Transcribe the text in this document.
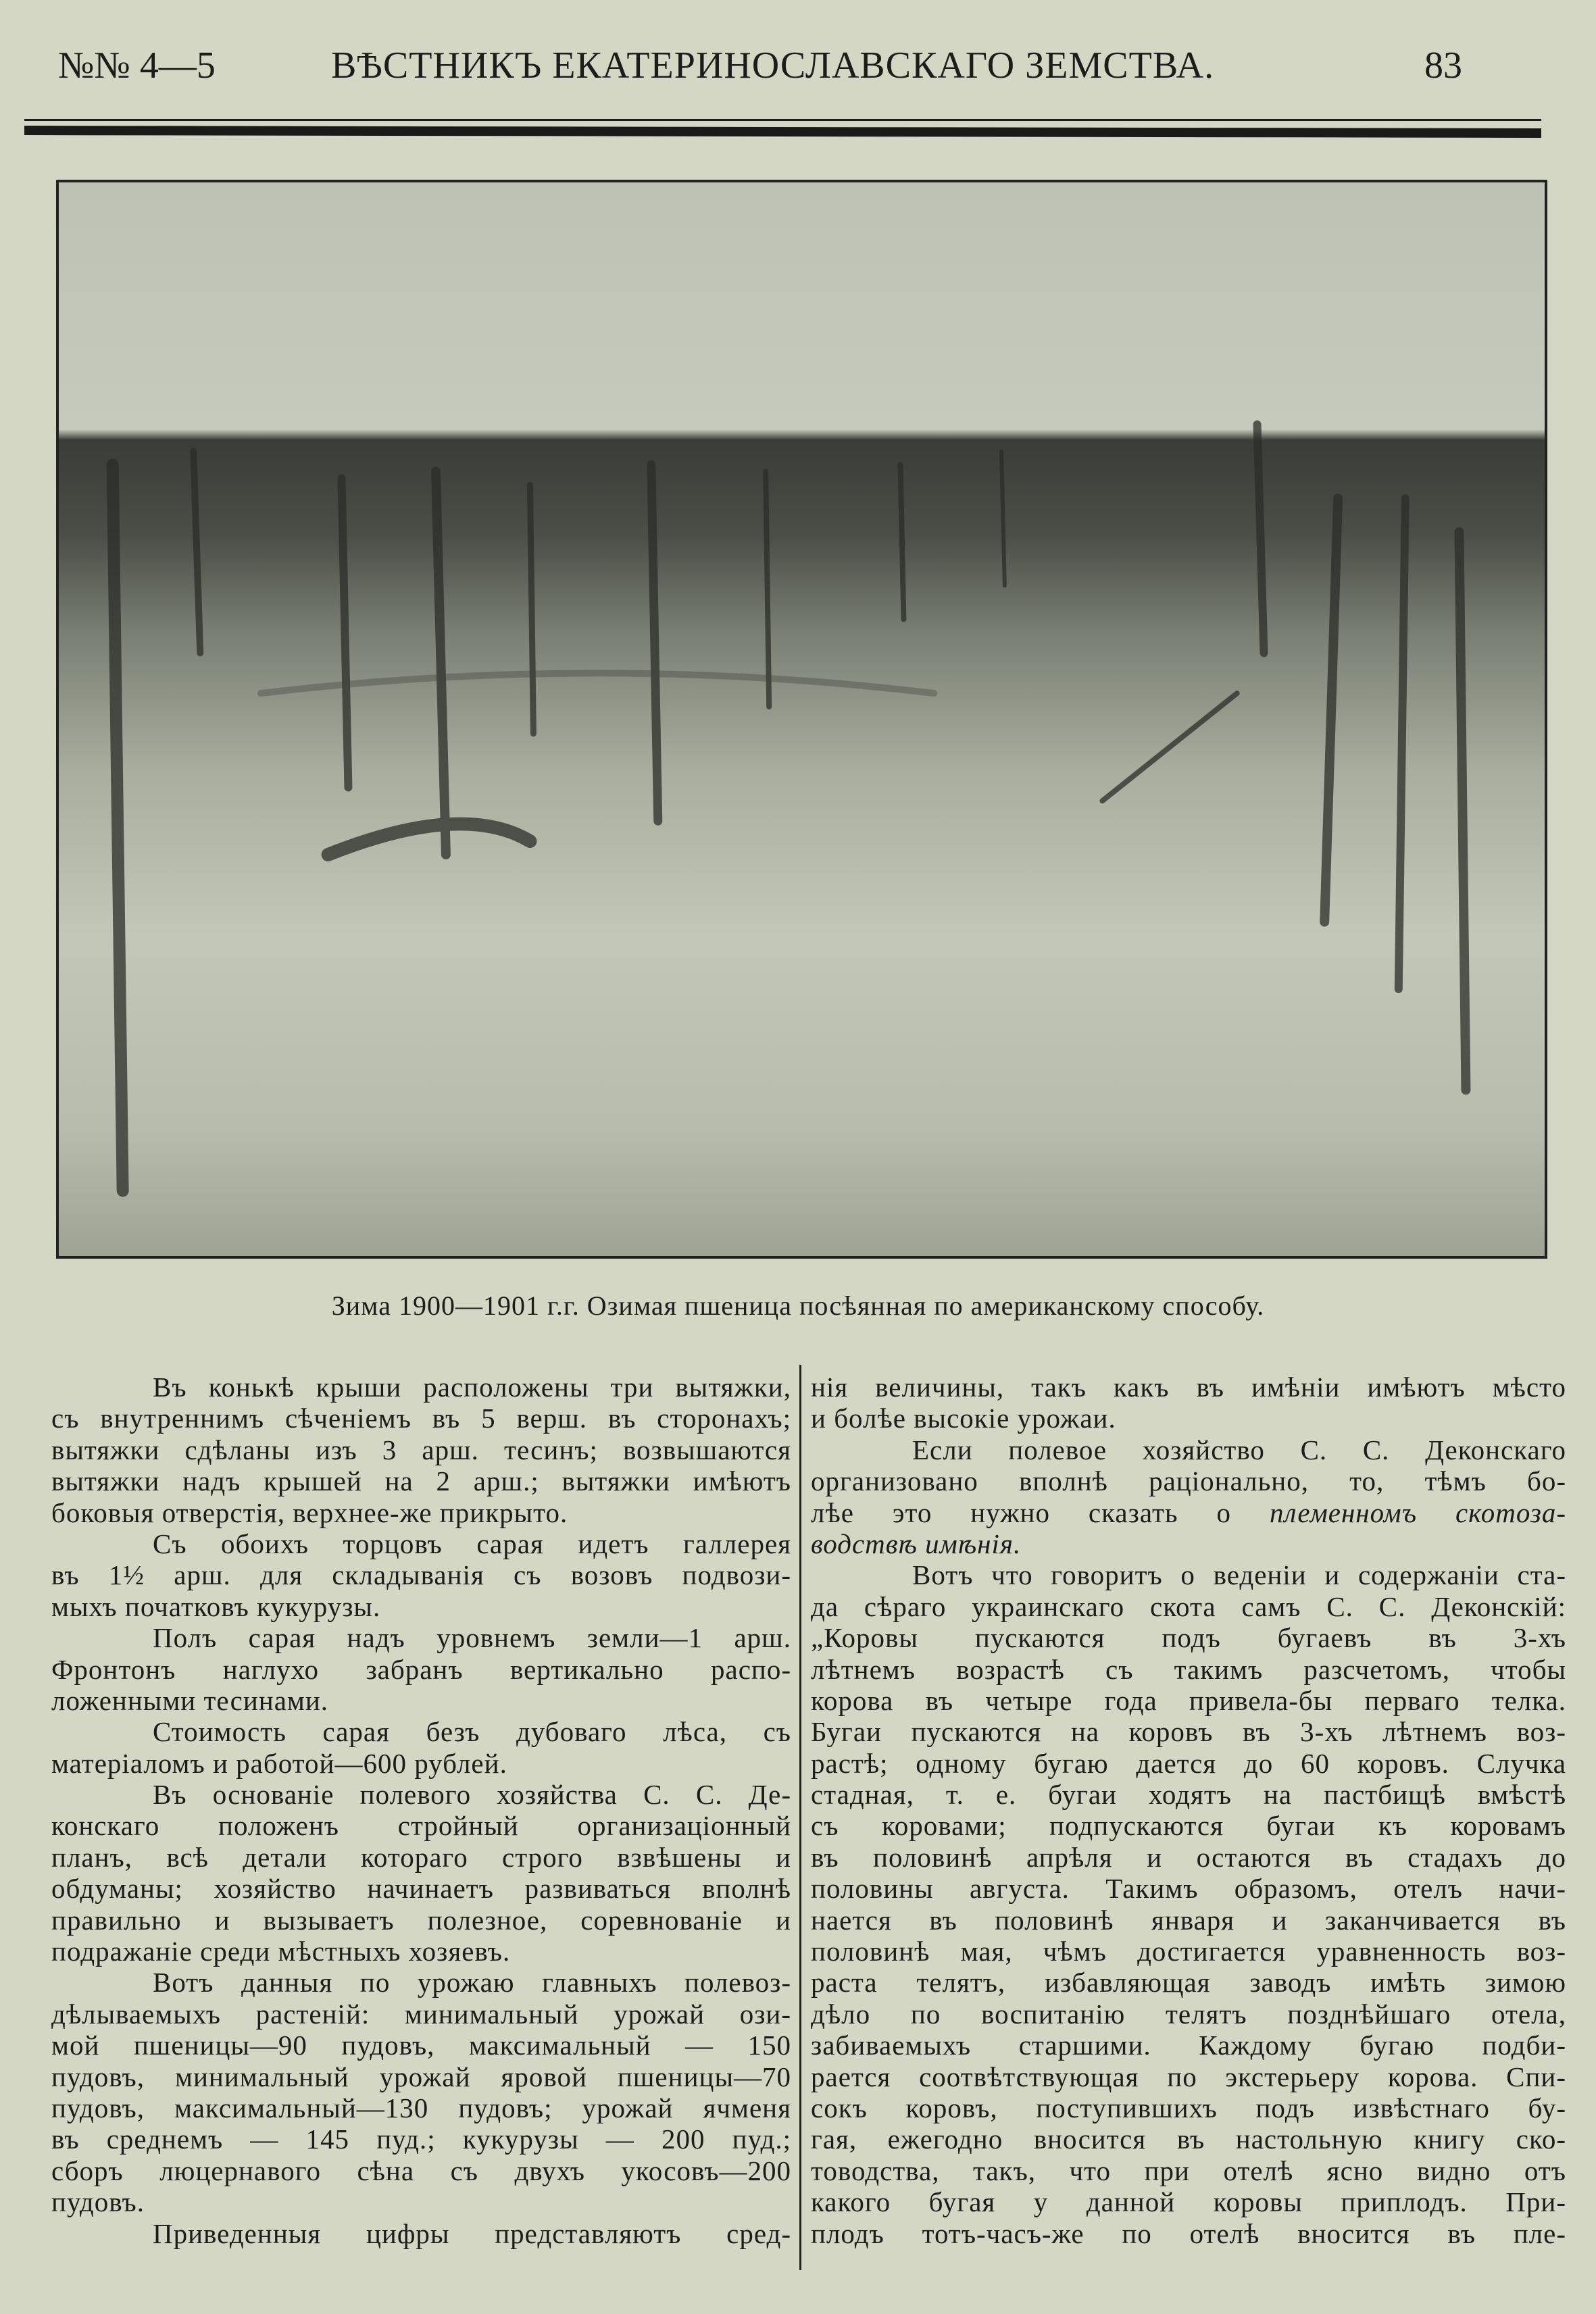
№№ 4—5	ВѢСТНИКЪ ЕКАТЕРИНОСЛАВСКАГО ЗЕМСТВА.	83
Зима 1900—1901 г.г. Озимая пшеница посѣянная по американскому способу.
Въ конькѣ крыши расположены три вытяжки,
съ внутреннимъ сѣченіемъ въ 5 верш. въ сторонахъ;
вытяжки сдѣланы изъ 3 арш. тесинъ; возвышаются
вытяжки надъ крышей на 2 арш.; вытяжки имѣютъ
боковыя отверстія, верхнее-же прикрыто.
Съ обоихъ торцовъ сарая идетъ галлерея
въ 1½ арш. для складыванія съ возовъ подвози-
мыхъ початковъ кукурузы.
Полъ сарая надъ уровнемъ земли—1 арш.
Фронтонъ наглухо забранъ вертикально распо-
ложенными тесинами.
Стоимость сарая безъ дубоваго лѣса, съ
матеріаломъ и работой—600 рублей.
Въ основаніе полевого хозяйства С. С. Де-
конскаго положенъ стройный организаціонный
планъ, всѣ детали котораго строго взвѣшены и
обдуманы; хозяйство начинаетъ развиваться вполнѣ
правильно и вызываетъ полезное, соревнованіе и
подражаніе среди мѣстныхъ хозяевъ.
Вотъ данныя по урожаю главныхъ полевоз-
дѣлываемыхъ растеній: минимальный урожай ози-
мой пшеницы—90 пудовъ, максимальный — 150
пудовъ, минимальный урожай яровой пшеницы—70
пудовъ, максимальный—130 пудовъ; урожай ячменя
въ среднемъ — 145 пуд.; кукурузы — 200 пуд.;
сборъ люцернавого сѣна съ двухъ укосовъ—200
пудовъ.
Приведенныя цифры представляютъ сред-
нія величины, такъ какъ въ имѣніи имѣютъ мѣсто
и болѣе высокіе урожаи.
Если полевое хозяйство С. С. Деконскаго
организовано вполнѣ раціонально, то, тѣмъ бо-
лѣе это нужно сказать о племенномъ скотоза-
водствѣ имѣнія.
Вотъ что говоритъ о веденіи и содержаніи ста-
да сѣраго украинскаго скота самъ С. С. Деконскій:
„Коровы пускаются подъ бугаевъ въ 3-хъ
лѣтнемъ возрастѣ съ такимъ разсчетомъ, чтобы
корова въ четыре года привела-бы перваго телка.
Бугаи пускаются на коровъ въ 3-хъ лѣтнемъ воз-
растѣ; одному бугаю дается до 60 коровъ. Случка
стадная, т. е. бугаи ходятъ на пастбищѣ вмѣстѣ
съ коровами; подпускаются бугаи къ коровамъ
въ половинѣ апрѣля и остаются въ стадахъ до
половины августа. Такимъ образомъ, отелъ начи-
нается въ половинѣ января и заканчивается въ
половинѣ мая, чѣмъ достигается уравненность воз-
раста телятъ, избавляющая заводъ имѣть зимою
дѣло по воспитанію телятъ позднѣйшаго отела,
забиваемыхъ старшими. Каждому бугаю подби-
рается соотвѣтствующая по экстерьеру корова. Спи-
сокъ коровъ, поступившихъ подъ извѣстнаго бу-
гая, ежегодно вносится въ настольную книгу ско-
товодства, такъ, что при отелѣ ясно видно отъ
какого бугая у данной коровы приплодъ. При-
плодъ тотъ-часъ-же по отелѣ вносится въ пле-
